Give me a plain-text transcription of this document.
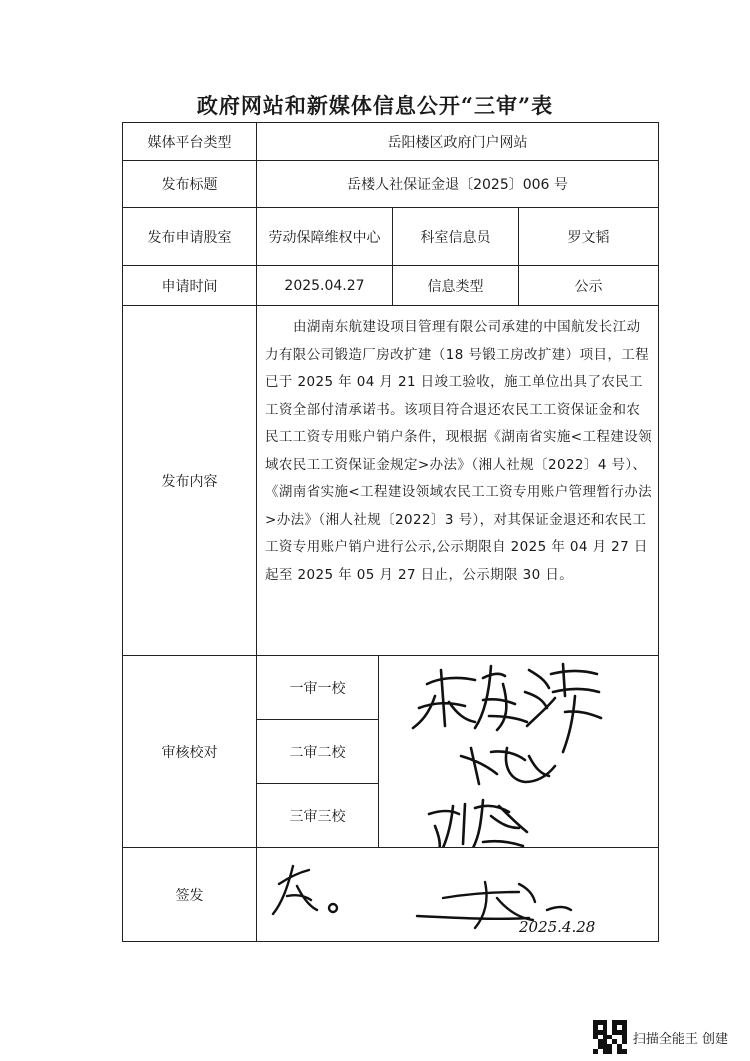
政府网站和新媒体信息公开“三审”表
媒体平台类型	岳阳楼区政府门户网站			
发布标题	岳楼人社保证金退〔2025〕006 号			
发布申请股室	劳动保障维权中心		科室信息员	罗文韬
申请时间	2025.04.27		信息类型	公示
发布内容	由湖南东航建设项目管理有限公司承建的中国航发长江动力有限公司锻造厂房改扩建（18 号锻工房改扩建）项目，工程已于 2025 年 04 月 21 日竣工验收，施工单位出具了农民工工资全部付清承诺书。该项目符合退还农民工工资保证金和农民工工资专用账户销户条件，现根据《湖南省实施<工程建设领域农民工工资保证金规定>办法》（湘人社规〔2022〕4 号）、《湖南省实施<工程建设领域农民工工资专用账户管理暂行办法>办法》（湘人社规〔2022〕3 号），对其保证金退还和农民工工资专用账户销户进行公示,公示期限自 2025 年 04 月 27 日起至 2025 年 05 月 27 日止，公示期限 30 日。			
审核校对	一审一校	

	二审二校			
	三审三校			
签发	2025.4.28			
扫描全能王 创建
